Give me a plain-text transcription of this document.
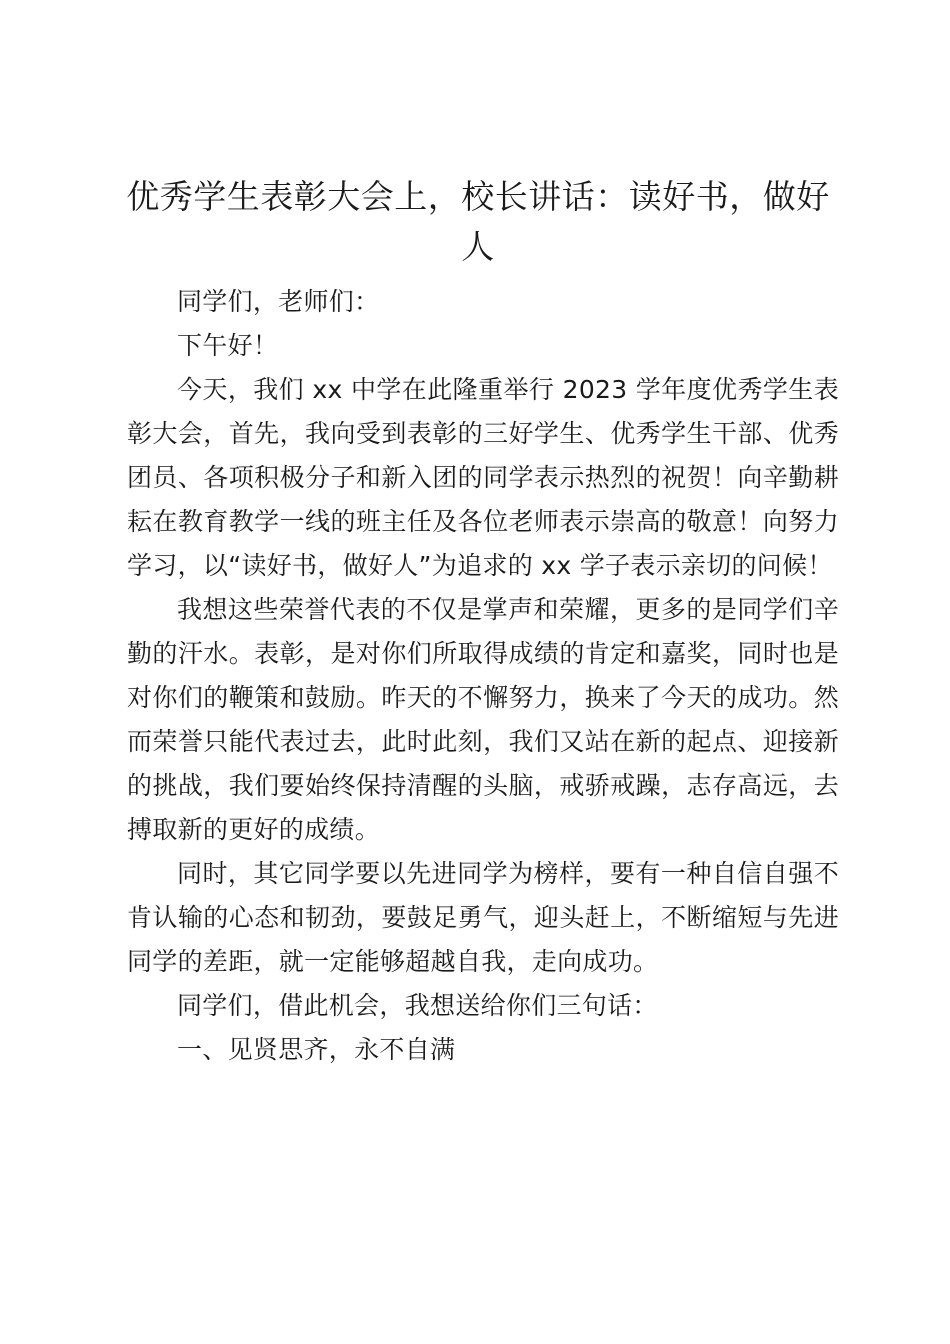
优秀学生表彰大会上，校长讲话：读好书，做好人

同学们，老师们：

下午好！

今天，我们 xx 中学在此隆重举行 2023 学年度优秀学生表彰大会，首先，我向受到表彰的三好学生、优秀学生干部、优秀团员、各项积极分子和新入团的同学表示热烈的祝贺！向辛勤耕耘在教育教学一线的班主任及各位老师表示崇高的敬意！向努力学习，以“读好书，做好人”为追求的 xx 学子表示亲切的问候！

我想这些荣誉代表的不仅是掌声和荣耀，更多的是同学们辛勤的汗水。表彰，是对你们所取得成绩的肯定和嘉奖，同时也是对你们的鞭策和鼓励。昨天的不懈努力，换来了今天的成功。然而荣誉只能代表过去，此时此刻，我们又站在新的起点、迎接新的挑战，我们要始终保持清醒的头脑，戒骄戒躁，志存高远，去搏取新的更好的成绩。

同时，其它同学要以先进同学为榜样，要有一种自信自强不肯认输的心态和韧劲，要鼓足勇气，迎头赶上，不断缩短与先进同学的差距，就一定能够超越自我，走向成功。

同学们，借此机会，我想送给你们三句话：

一、见贤思齐，永不自满
